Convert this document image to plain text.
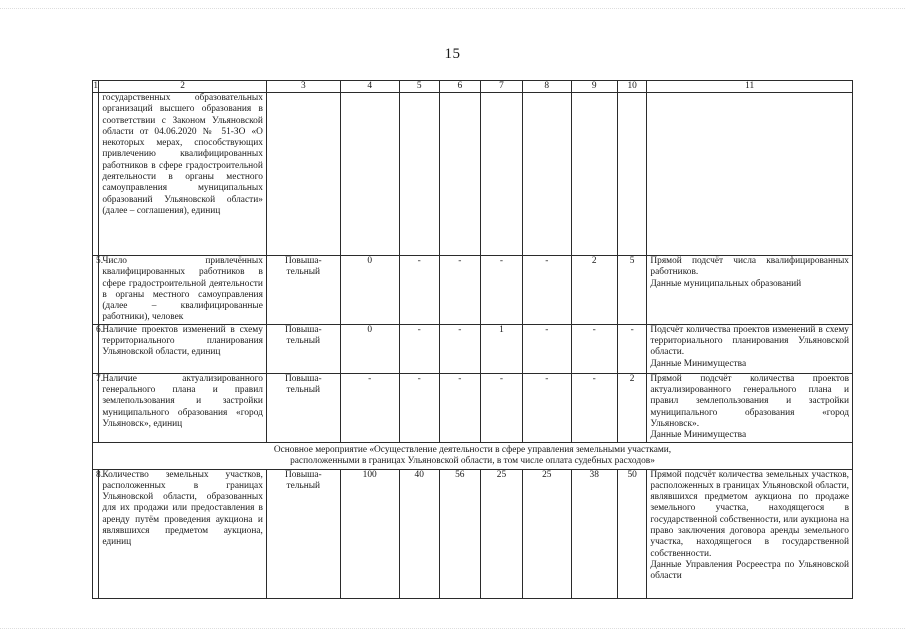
15
1	2	3	4	5	6	7	8	9	10	11

	государственных образовательных организаций высшего образования в соответствии с Законом Ульяновской области от 04.06.2020 № 51-ЗО «О некоторых мерах, способствующих привлечению квалифицированных работников в сфере градостроительной деятельности в органы местного самоуправления муниципальных образований Ульяновской области» (далее – соглашения), единиц									

5.	Число привлечённых квалифицированных работников в сфере градостроительной деятельности в органы местного самоуправления (далее – квалифицированные работники), человек	Повыша-
тельный	0	-	-	-	-	2	5	Прямой подсчёт числа квалифицированных работников.
Данные муниципальных образований

6.	Наличие проектов изменений в схему территориального планирования Ульяновской области, единиц	Повыша-
тельный	0	-	-	1	-	-	-	Подсчёт количества проектов изменений в схему территориального планирования Ульяновской области.
Данные Минимущества

7.	Наличие актуализированного генерального плана и правил землепользования и застройки муниципального образования «город Ульяновск», единиц	Повыша-
тельный	-	-	-	-	-	-	2	Прямой подсчёт количества проектов актуализированного генерального плана и правил землепользования и застройки муниципального образования «город Ульяновск».
Данные Минимущества

Основное мероприятие «Осуществление деятельности в сфере управления земельными участками,
расположенными в границах Ульяновской области, в том числе оплата судебных расходов»										

8.	Количество земельных участков, расположенных в границах Ульяновской области, образованных для их продажи или предоставления в аренду путём проведения аукциона и являвшихся предметом аукциона, единиц	Повыша-
тельный	100	40	56	25	25	38	50	Прямой подсчёт количества земельных участков, расположенных в границах Ульяновской области, являвшихся предметом аукциона по продаже земельного участка, находящегося в государственной собственности, или аукциона на право заключения договора аренды земельного участка, находящегося в государственной собственности.
Данные Управления Росреестра по Ульяновской области
